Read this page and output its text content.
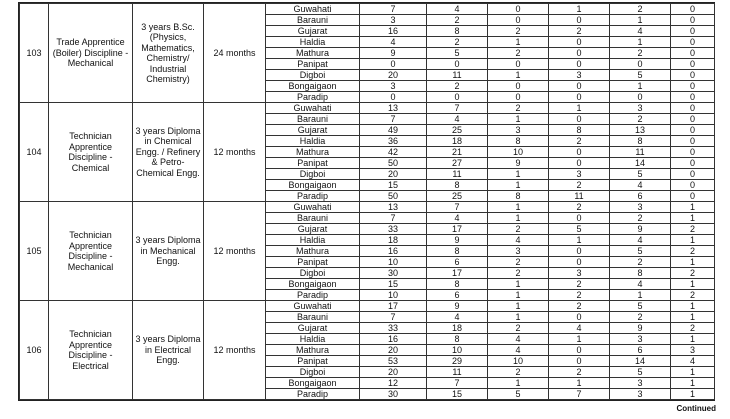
103	Trade Apprentice (Boiler) Discipline - Mechanical	3 years B.Sc. (Physics, Mathematics, Chemistry/ Industrial Chemistry)	24 months	Guwahati	7	4	0	1	2	0
				Barauni	3	2	0	0	1	0
				Gujarat	16	8	2	2	4	0
				Haldia	4	2	1	0	1	0
				Mathura	9	5	2	0	2	0
				Panipat	0	0	0	0	0	0
				Digboi	20	11	1	3	5	0
				Bongaigaon	3	2	0	0	1	0
				Paradip	0	0	0	0	0	0
104	Technician Apprentice Discipline - Chemical	3 years Diploma in Chemical Engg. / Refinery & Petro-Chemical Engg.	12 months	Guwahati	13	7	2	1	3	0
				Barauni	7	4	1	0	2	0
				Gujarat	49	25	3	8	13	0
				Haldia	36	18	8	2	8	0
				Mathura	42	21	10	0	11	0
				Panipat	50	27	9	0	14	0
				Digboi	20	11	1	3	5	0
				Bongaigaon	15	8	1	2	4	0
				Paradip	50	25	8	11	6	0
105	Technician Apprentice Discipline - Mechanical	3 years Diploma in Mechanical Engg.	12 months	Guwahati	13	7	1	2	3	1
				Barauni	7	4	1	0	2	1
				Gujarat	33	17	2	5	9	2
				Haldia	18	9	4	1	4	1
				Mathura	16	8	3	0	5	2
				Panipat	10	6	2	0	2	1
				Digboi	30	17	2	3	8	2
				Bongaigaon	15	8	1	2	4	1
				Paradip	10	6	1	2	1	2
106	Technician Apprentice Discipline - Electrical	3 years Diploma in Electrical Engg.	12 months	Guwahati	17	9	1	2	5	1
				Barauni	7	4	1	0	2	1
				Gujarat	33	18	2	4	9	2
				Haldia	16	8	4	1	3	1
				Mathura	20	10	4	0	6	3
				Panipat	53	29	10	0	14	4
				Digboi	20	11	2	2	5	1
				Bongaigaon	12	7	1	1	3	1
				Paradip	30	15	5	7	3	1
Continued
